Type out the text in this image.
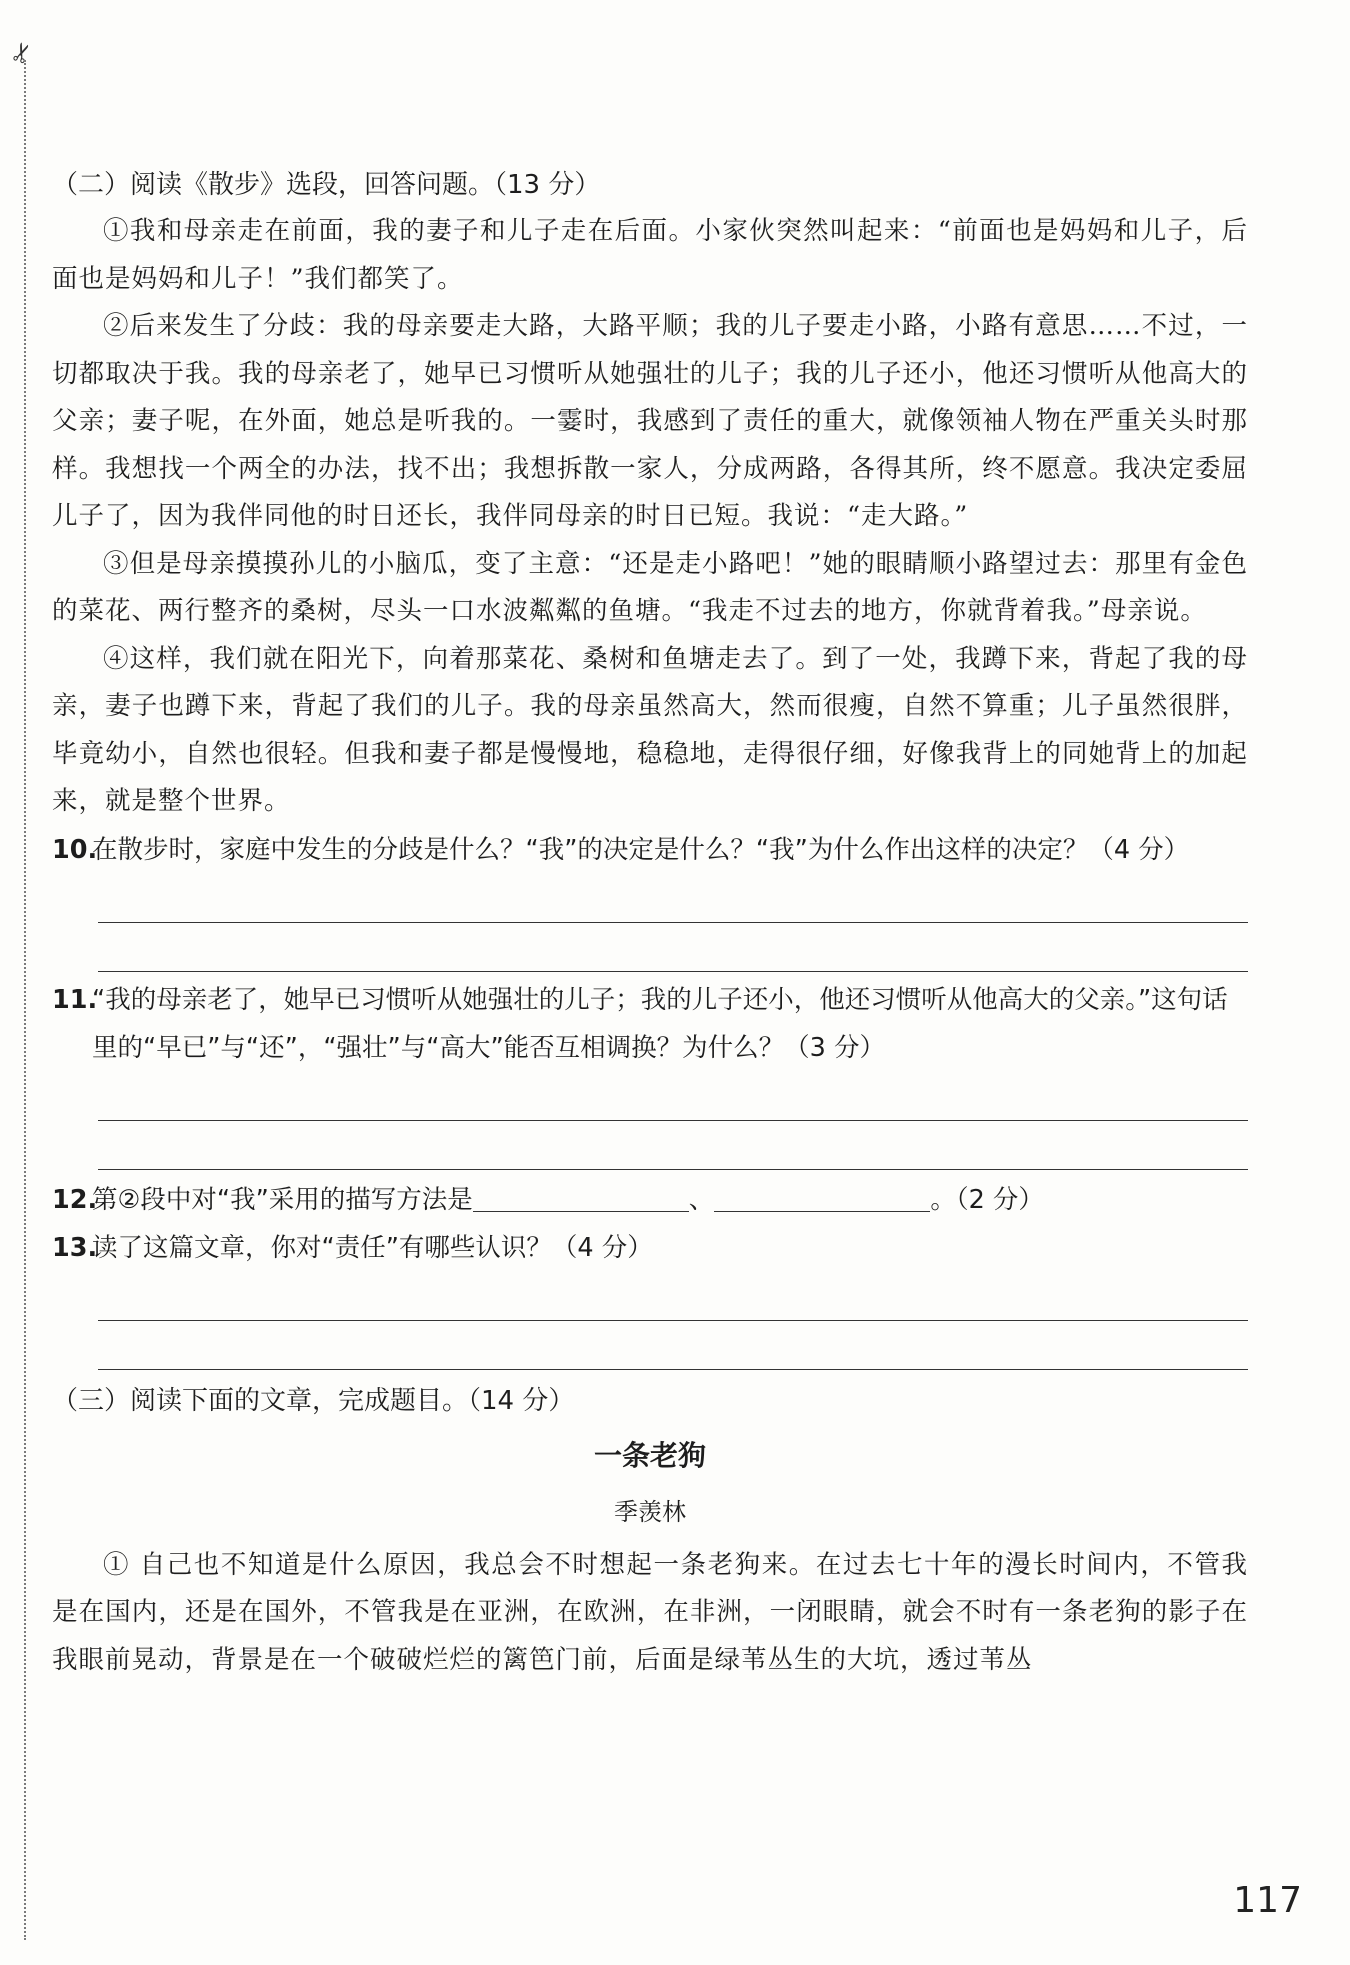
✂

（二）阅读《散步》选段，回答问题。（13 分）

①我和母亲走在前面，我的妻子和儿子走在后面。小家伙突然叫起来：“前面也是妈妈和儿子，后面也是妈妈和儿子！”我们都笑了。

②后来发生了分歧：我的母亲要走大路，大路平顺；我的儿子要走小路，小路有意思……不过，一切都取决于我。我的母亲老了，她早已习惯听从她强壮的儿子；我的儿子还小，他还习惯听从他高大的父亲；妻子呢，在外面，她总是听我的。一霎时，我感到了责任的重大，就像领袖人物在严重关头时那样。我想找一个两全的办法，找不出；我想拆散一家人，分成两路，各得其所，终不愿意。我决定委屈儿子了，因为我伴同他的时日还长，我伴同母亲的时日已短。我说：“走大路。”

③但是母亲摸摸孙儿的小脑瓜，变了主意：“还是走小路吧！”她的眼睛顺小路望过去：那里有金色的菜花、两行整齐的桑树，尽头一口水波粼粼的鱼塘。“我走不过去的地方，你就背着我。”母亲说。

④这样，我们就在阳光下，向着那菜花、桑树和鱼塘走去了。到了一处，我蹲下来，背起了我的母亲，妻子也蹲下来，背起了我们的儿子。我的母亲虽然高大，然而很瘦，自然不算重；儿子虽然很胖，毕竟幼小，自然也很轻。但我和妻子都是慢慢地，稳稳地，走得很仔细，好像我背上的同她背上的加起来，就是整个世界。

10.
在散步时，家庭中发生的分歧是什么？“我”的决定是什么？“我”为什么作出这样的决定？（4 分）
11.
“我的母亲老了，她早已习惯听从她强壮的儿子；我的儿子还小，他还习惯听从他高大的父亲。”这句话里的“早已”与“还”，“强壮”与“高大”能否互相调换？为什么？（3 分）
12.
第②段中对“我”采用的描写方法是	、	。（2 分）
13.
读了这篇文章，你对“责任”有哪些认识？（4 分）

（三）阅读下面的文章，完成题目。（14 分）

一条老狗

季羡林

① 自己也不知道是什么原因，我总会不时想起一条老狗来。在过去七十年的漫长时间内，不管我是在国内，还是在国外，不管我是在亚洲，在欧洲，在非洲，一闭眼睛，就会不时有一条老狗的影子在我眼前晃动，背景是在一个破破烂烂的篱笆门前，后面是绿苇丛生的大坑，透过苇丛

117
